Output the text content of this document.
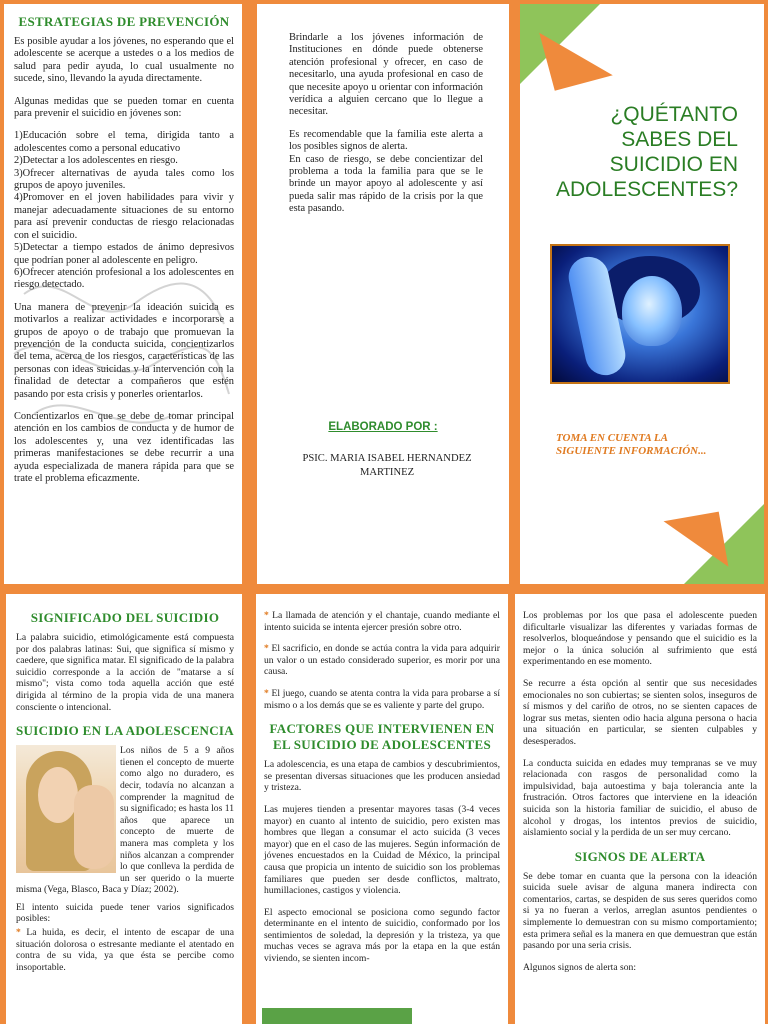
ESTRATEGIAS DE PREVENCIÓN

Es posible ayudar a los jóvenes, no esperando que el adolescente se acerque a ustedes o a los medios de salud para pedir ayuda, lo cual usualmente no sucede, sino, llevando la ayuda directamente.

Algunas medidas que se pueden tomar en cuenta para prevenir el suicidio en jóvenes son:

1)Educación sobre el tema, dirigida tanto a adolescentes como a personal educativo
2)Detectar a los adolescentes en riesgo.
3)Ofrecer alternativas de ayuda tales como los grupos de apoyo juveniles.
4)Promover en el joven habilidades para vivir y manejar adecuadamente situaciones de su entorno para así prevenir conductas de riesgo relacionadas con el suicidio.
5)Detectar a tiempo estados de ánimo depresivos que podrían poner al adolescente en peligro.
6)Ofrecer atención profesional a los adolescentes en riesgo detectado.

Una manera de prevenir la ideación suicida es motivarlos a realizar actividades e incorporarse a grupos de apoyo o de trabajo que promuevan la prevención de la conducta suicida, concientizarlos del tema, acerca de los riesgos, características de las personas con ideas suicidas y la intervención con la finalidad de detectar a compañeros que estén pasando por esta crisis y ponerles orientarlos.

Concientizarlos en que se debe de tomar principal atención en los cambios de conducta y de humor de los adolescentes y, una vez identificadas las primeras manifestaciones se debe recurrir a una ayuda especializada de manera rápida para que se trate el problema eficazmente.

Brindarle a los jóvenes información de Instituciones en dónde puede obtenerse atención profesional y ofrecer, en caso de necesitarlo, una ayuda profesional en caso de que necesite apoyo u orientar con información verídica a alguien cercano que lo llegue a necesitar.

Es recomendable que la familia este alerta a los posibles signos de alerta.
En caso de riesgo, se debe concientizar del problema a toda la familia para que se le brinde un mayor apoyo al adolescente y así pueda salir mas rápido de la crisis por la que esta pasando.

ELABORADO POR :
PSIC. MARIA ISABEL HERNANDEZ
MARTINEZ
¿QUÉTANTO
SABES DEL
SUICIDIO EN
ADOLESCENTES?
TOMA EN CUENTA LA
SIGUIENTE INFORMACIÓN...
SIGNIFICADO DEL SUICIDIO

La palabra suicidio, etimológicamente está compuesta por dos palabras latinas: Sui, que significa sí mismo y caedere, que significa matar. El significado de la palabra suicidio corresponde a la acción de "matarse a sí mismo"; vista como toda aquella acción que esté dirigida al término de la propia vida de una manera consciente o intencional.

SUICIDIO EN LA ADOLESCENCIA

Los niños de 5 a 9 años tienen el concepto de muerte como algo no duradero, es decir, todavía no alcanzan a comprender la magnitud de su significado; es hasta los 11 años que aparece un concepto de muerte de manera mas completa y los niños alcanzan a comprender lo que conlleva la perdida de un ser querido o la muerte misma (Vega, Blasco, Baca y Díaz; 2002).

El intento suicida puede tener varios significados posibles:

* La huida, es decir, el intento de escapar de una situación dolorosa o estresante mediante el atentado en contra de su vida, ya que ésta se percibe como insoportable.

* La llamada de atención y el chantaje, cuando mediante el intento suicida se intenta ejercer presión sobre otro.

* El sacrificio, en donde se actúa contra la vida para adquirir un valor o un estado considerado superior, es morir por una causa.

* El juego, cuando se atenta contra la vida para probarse a sí mismo o a los demás que se es valiente y parte del grupo.

FACTORES QUE INTERVIENEN EN EL SUICIDIO DE ADOLESCENTES

La adolescencia, es una etapa de cambios y descubrimientos, se presentan diversas situaciones que les producen ansiedad y tristeza.

Las mujeres tienden a presentar mayores tasas (3-4 veces mayor) en cuanto al intento de suicidio, pero existen mas hombres que llegan a consumar el acto suicida (3 veces mayor) que en el caso de las mujeres. Según información de jóvenes encuestados en la Cuidad de México, la principal causa que propicia un intento de suicidio son los problemas familiares que pueden ser desde conflictos, maltrato, humillaciones, castigos y violencia.

El aspecto emocional se posiciona como segundo factor determinante en el intento de suicidio, conformado por los sentimientos de soledad, la depresión y la tristeza, ya que muchas veces se agrava más por la etapa en la que están viviendo, se sienten incom-

Los problemas por los que pasa el adolescente pueden dificultarle visualizar las diferentes y variadas formas de resolverlos, bloqueándose y pensando que el suicidio es la mejor o la única solución al sufrimiento que está experimentando en ese momento.

Se recurre a ésta opción al sentir que sus necesidades emocionales no son cubiertas; se sienten solos, inseguros de sí mismos y del cariño de otros, no se sienten capaces de lograr sus metas, sienten odio hacia alguna persona o hacia una situación en particular, se sienten culpables y desesperados.

La conducta suicida en edades muy tempranas se ve muy relacionada con rasgos de personalidad como la impulsividad, baja autoestima y baja tolerancia ante la frustración. Otros factores que interviene en la ideación suicida son la historia familiar de suicidio, el abuso de alcohol y drogas, los intentos previos de suicidio, aislamiento social y la perdida de un ser muy cercano.

SIGNOS DE ALERTA

Se debe tomar en cuanta que la persona con la ideación suicida suele avisar de alguna manera indirecta con comentarios, cartas, se despiden de sus seres queridos como si ya no fueran a verlos, arreglan asuntos pendientes o simplemente lo demuestran con su mismo comportamiento; esta primera señal es la manera en que demuestran que están pasando por una seria crisis.

Algunos signos de alerta son:
